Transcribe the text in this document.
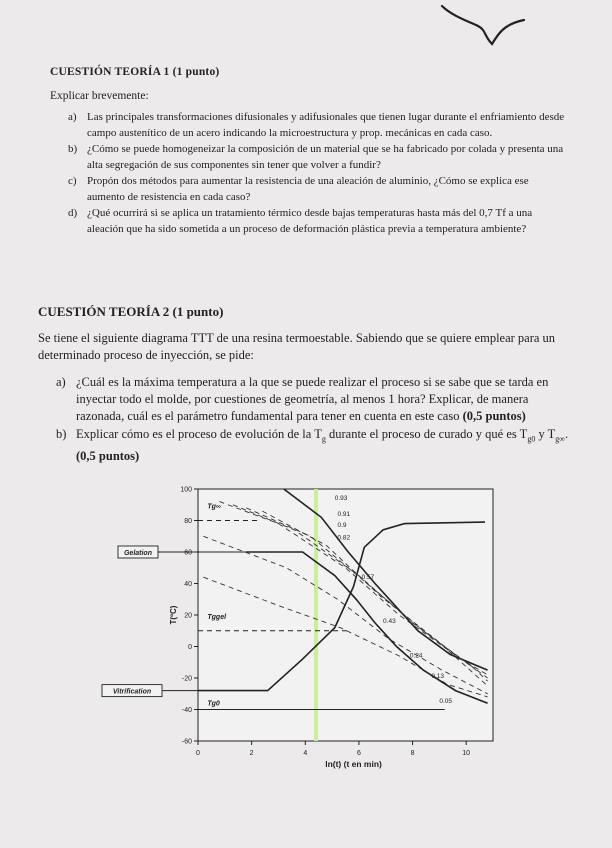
CUESTIÓN TEORÍA 1 (1 punto)
Explicar brevemente:
a) Las principales transformaciones difusionales y adifusionales que tienen lugar durante el enfriamiento desde campo austenítico de un acero indicando la microestructura y prop. mecánicas en cada caso.
b) ¿Cómo se puede homogeneizar la composición de un material que se ha fabricado por colada y presenta una alta segregación de sus componentes sin tener que volver a fundir?
c) Propón dos métodos para aumentar la resistencia de una aleación de aluminio, ¿Cómo se explica ese aumento de resistencia en cada caso?
d) ¿Qué ocurrirá si se aplica un tratamiento térmico desde bajas temperaturas hasta más del 0,7 Tf a una aleación que ha sido sometida a un proceso de deformación plástica previa a temperatura ambiente?
CUESTIÓN TEORÍA 2 (1 punto)
Se tiene el siguiente diagrama TTT de una resina termoestable. Sabiendo que se quiere emplear para un determinado proceso de inyección, se pide:
a) ¿Cuál es la máxima temperatura a la que se puede realizar el proceso si se sabe que se tarda en inyectar todo el molde, por cuestiones de geometría, al menos 1 hora? Explicar, de manera razonada, cuál es el parámetro fundamental para tener en cuenta en este caso (0,5 puntos)
b) Explicar cómo es el proceso de evolución de la $T_g$ durante el proceso de curado y qué es $T_{g0}$ y $T_{g\infty}$. (0,5 puntos)
0	2	4	6	8	10
100
80
60
40
20
0
-20
-40
-60
ln(t) (t en min)
T(ºC)
Gelation
Vitrification
Tg∞
Tggel
Tg0
0.93
0.91
0.9
0.82
0.57
0.43
0.24
0.13
0.05
